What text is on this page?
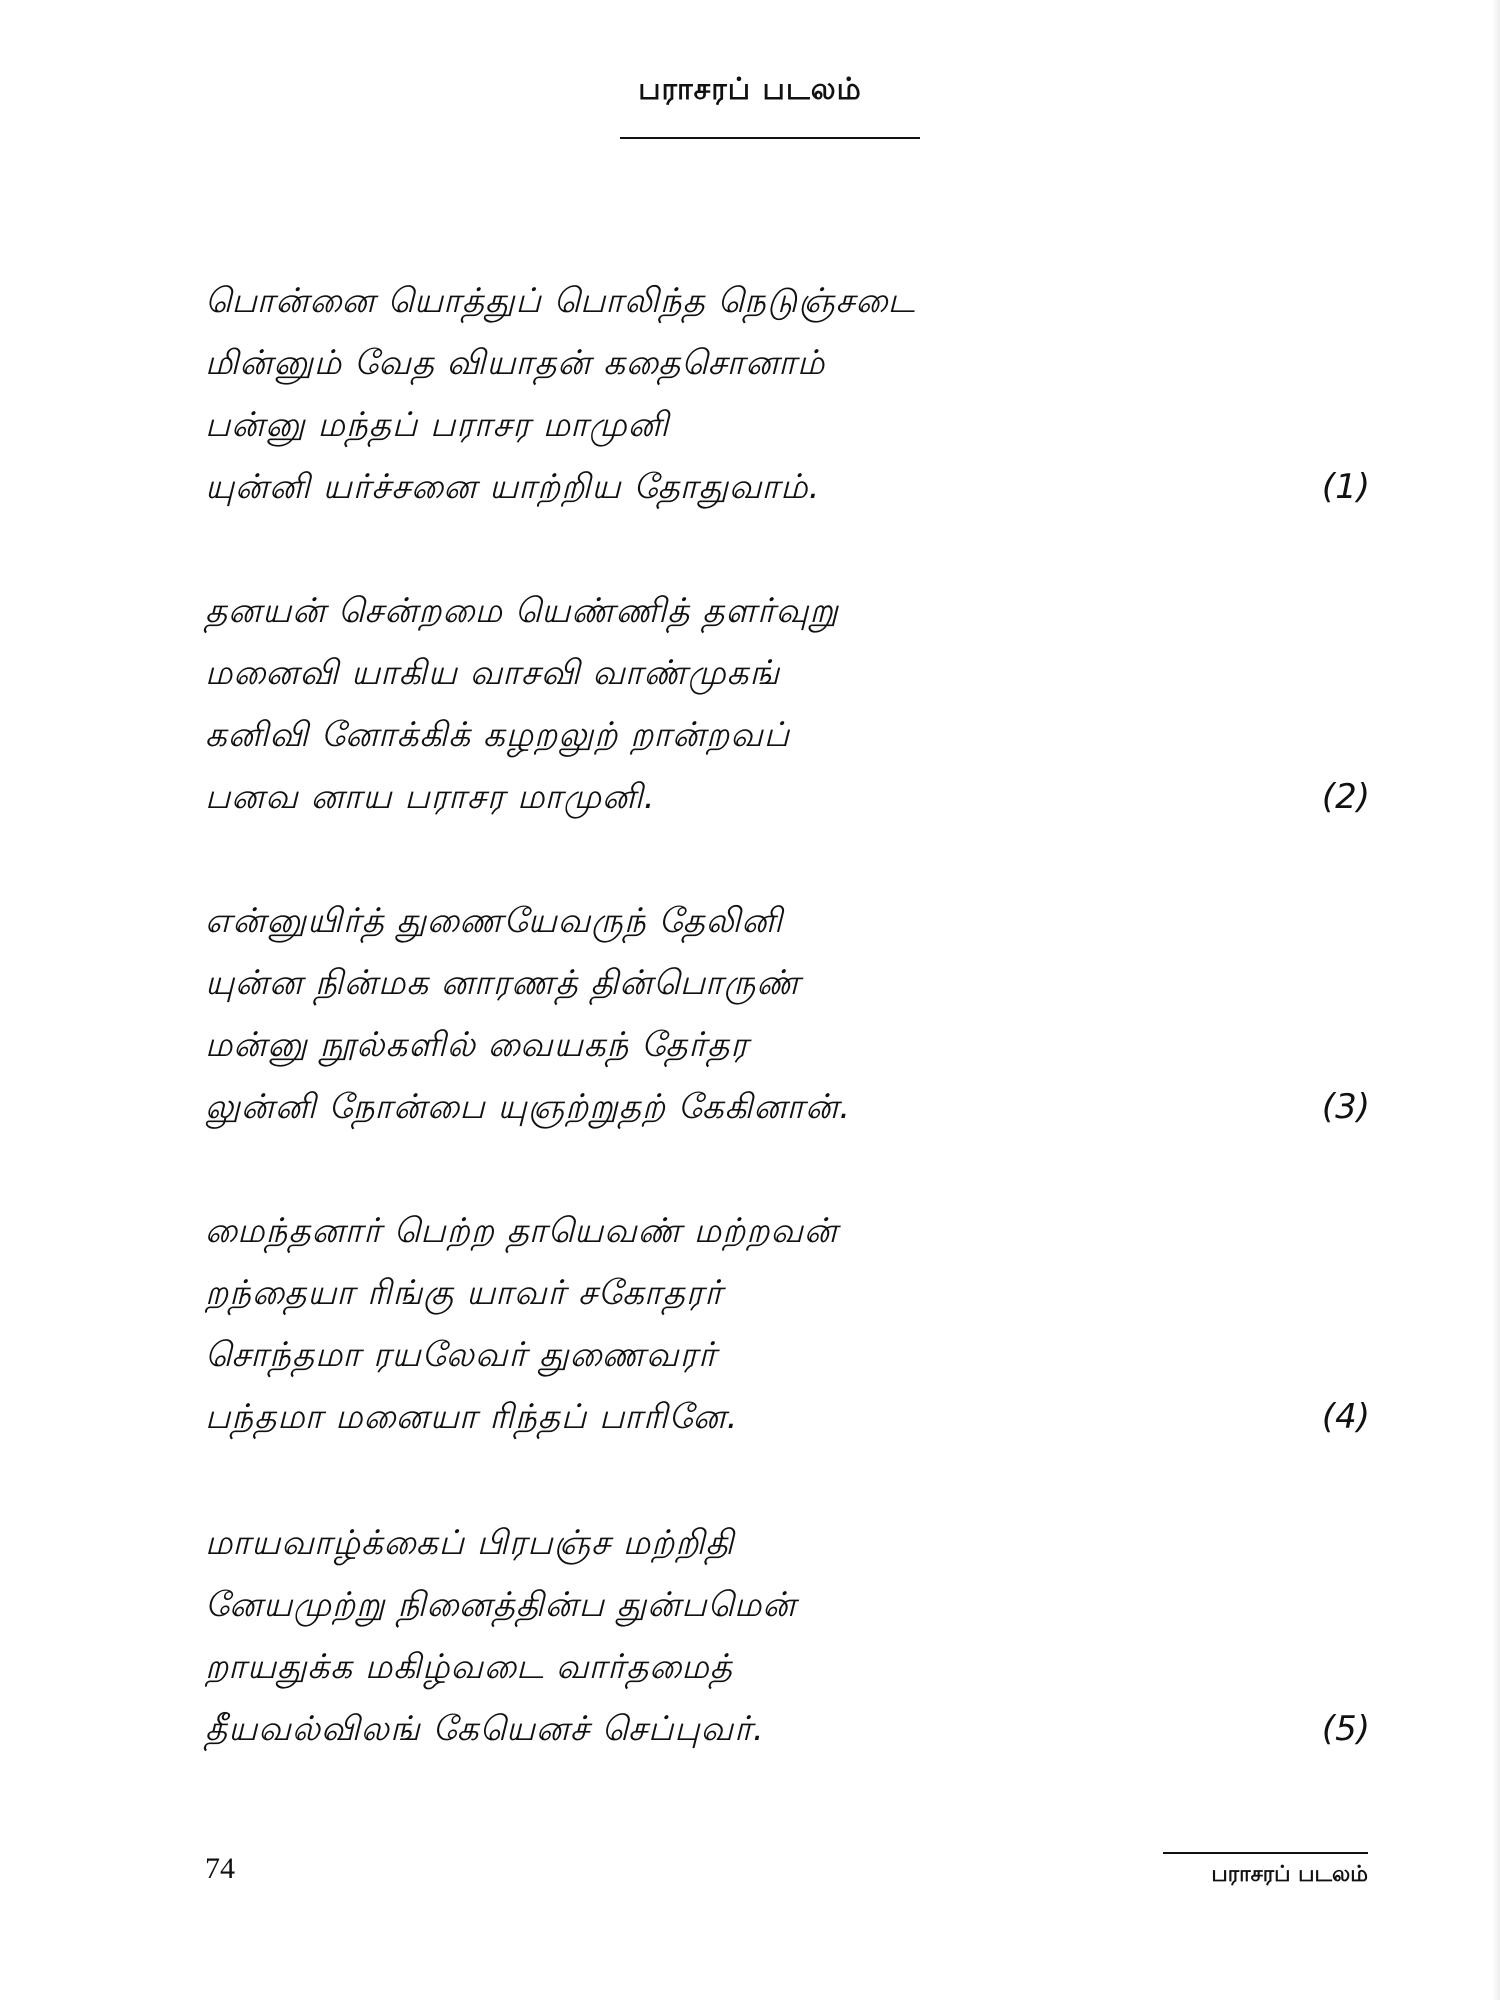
பராசரப் படலம்
பொன்னை யொத்துப் பொலிந்த நெடுஞ்சடை
மின்னும் வேத வியாதன் கதைசொனாம்
பன்னு மந்தப் பராசர மாமுனி
யுன்னி யர்ச்சனை யாற்றிய தோதுவாம்.	(1)
தனயன் சென்றமை யெண்ணித் தளர்வுறு
மனைவி யாகிய வாசவி வாண்முகங்
கனிவி னோக்கிக் கழறலுற் றான்றவப்
பனவ னாய பராசர மாமுனி.	(2)
என்னுயிர்த் துணையேவருந் தேலினி
யுன்ன நின்மக னாரணத் தின்பொருண்
மன்னு நூல்களில் வையகந் தேர்தர
லுன்னி நோன்பை யுஞற்றுதற் கேகினான்.	(3)
மைந்தனார் பெற்ற தாயெவண் மற்றவன்
றந்தையா ரிங்கு யாவர் சகோதரர்
சொந்தமா ரயலேவர் துணைவரர்
பந்தமா மனையா ரிந்தப் பாரினே.	(4)
மாயவாழ்க்கைப் பிரபஞ்ச மற்றிதி
னேயமுற்று நினைத்தின்ப துன்பமென்
றாயதுக்க மகிழ்வடை வார்தமைத்
தீயவல்விலங் கேயெனச் செப்புவர்.	(5)
74	பராசரப் படலம்
